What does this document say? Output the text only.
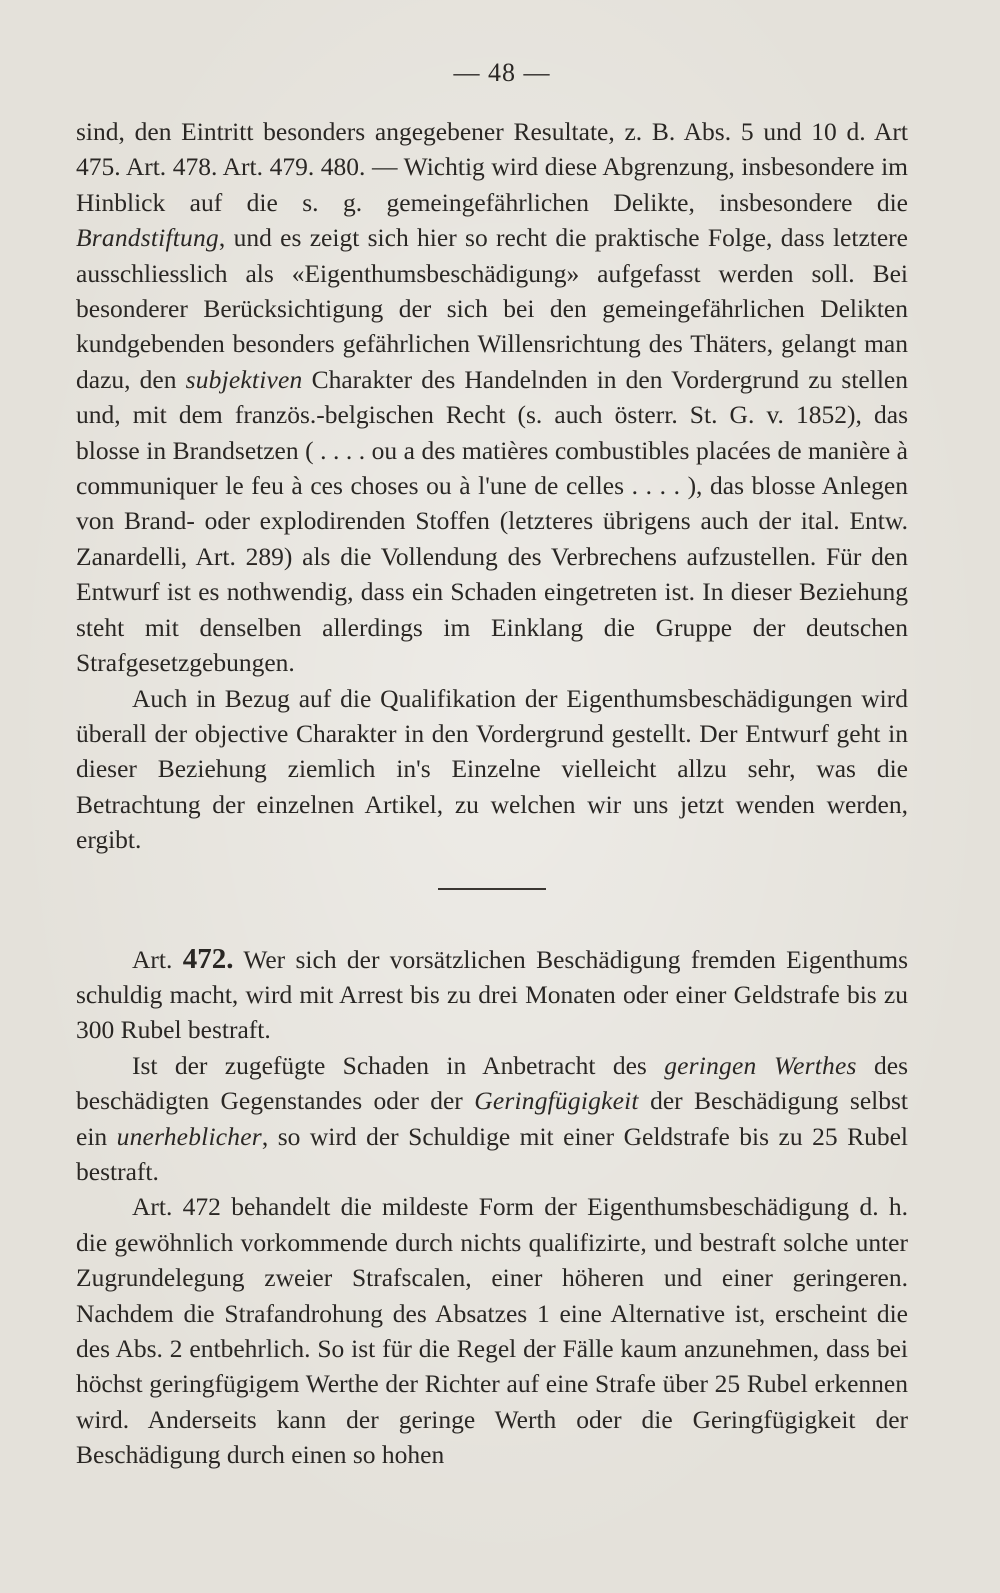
— 48 —

sind, den Eintritt besonders angegebener Resultate, z. B. Abs. 5 und 10 d. Art 475. Art. 478. Art. 479. 480. — Wichtig wird diese Abgrenzung, insbesondere im Hinblick auf die s. g. gemeingefährlichen Delikte, insbesondere die Brandstiftung, und es zeigt sich hier so recht die praktische Folge, dass letztere ausschliesslich als «Eigenthumsbeschädigung» aufgefasst werden soll. Bei besonderer Berücksichtigung der sich bei den gemeingefährlichen Delikten kundgebenden besonders gefährlichen Willensrichtung des Thäters, gelangt man dazu, den subjektiven Charakter des Handelnden in den Vordergrund zu stellen und, mit dem französ.-belgischen Recht (s. auch österr. St. G. v. 1852), das blosse in Brandsetzen ( . . . . ou a des matières combustibles placées de manière à communiquer le feu à ces choses ou à l'une de celles . . . . ), das blosse Anlegen von Brand- oder explodirenden Stoffen (letzteres übrigens auch der ital. Entw. Zanardelli, Art. 289) als die Vollendung des Verbrechens aufzustellen. Für den Entwurf ist es nothwendig, dass ein Schaden eingetreten ist. In dieser Beziehung steht mit denselben allerdings im Einklang die Gruppe der deutschen Strafgesetzgebungen.

Auch in Bezug auf die Qualifikation der Eigenthumsbeschädigungen wird überall der objective Charakter in den Vordergrund gestellt. Der Entwurf geht in dieser Beziehung ziemlich in's Einzelne vielleicht allzu sehr, was die Betrachtung der einzelnen Artikel, zu welchen wir uns jetzt wenden werden, ergibt.

Art. 472. Wer sich der vorsätzlichen Beschädigung fremden Eigenthums schuldig macht, wird mit Arrest bis zu drei Monaten oder einer Geldstrafe bis zu 300 Rubel bestraft.

Ist der zugefügte Schaden in Anbetracht des geringen Werthes des beschädigten Gegenstandes oder der Geringfügigkeit der Beschädigung selbst ein unerheblicher, so wird der Schuldige mit einer Geldstrafe bis zu 25 Rubel bestraft.

Art. 472 behandelt die mildeste Form der Eigenthumsbeschädigung d. h. die gewöhnlich vorkommende durch nichts qualifizirte, und bestraft solche unter Zugrundelegung zweier Strafscalen, einer höheren und einer geringeren. Nachdem die Strafandrohung des Absatzes 1 eine Alternative ist, erscheint die des Abs. 2 entbehrlich. So ist für die Regel der Fälle kaum anzunehmen, dass bei höchst geringfügigem Werthe der Richter auf eine Strafe über 25 Rubel erkennen wird. Anderseits kann der geringe Werth oder die Geringfügigkeit der Beschädigung durch einen so hohen
